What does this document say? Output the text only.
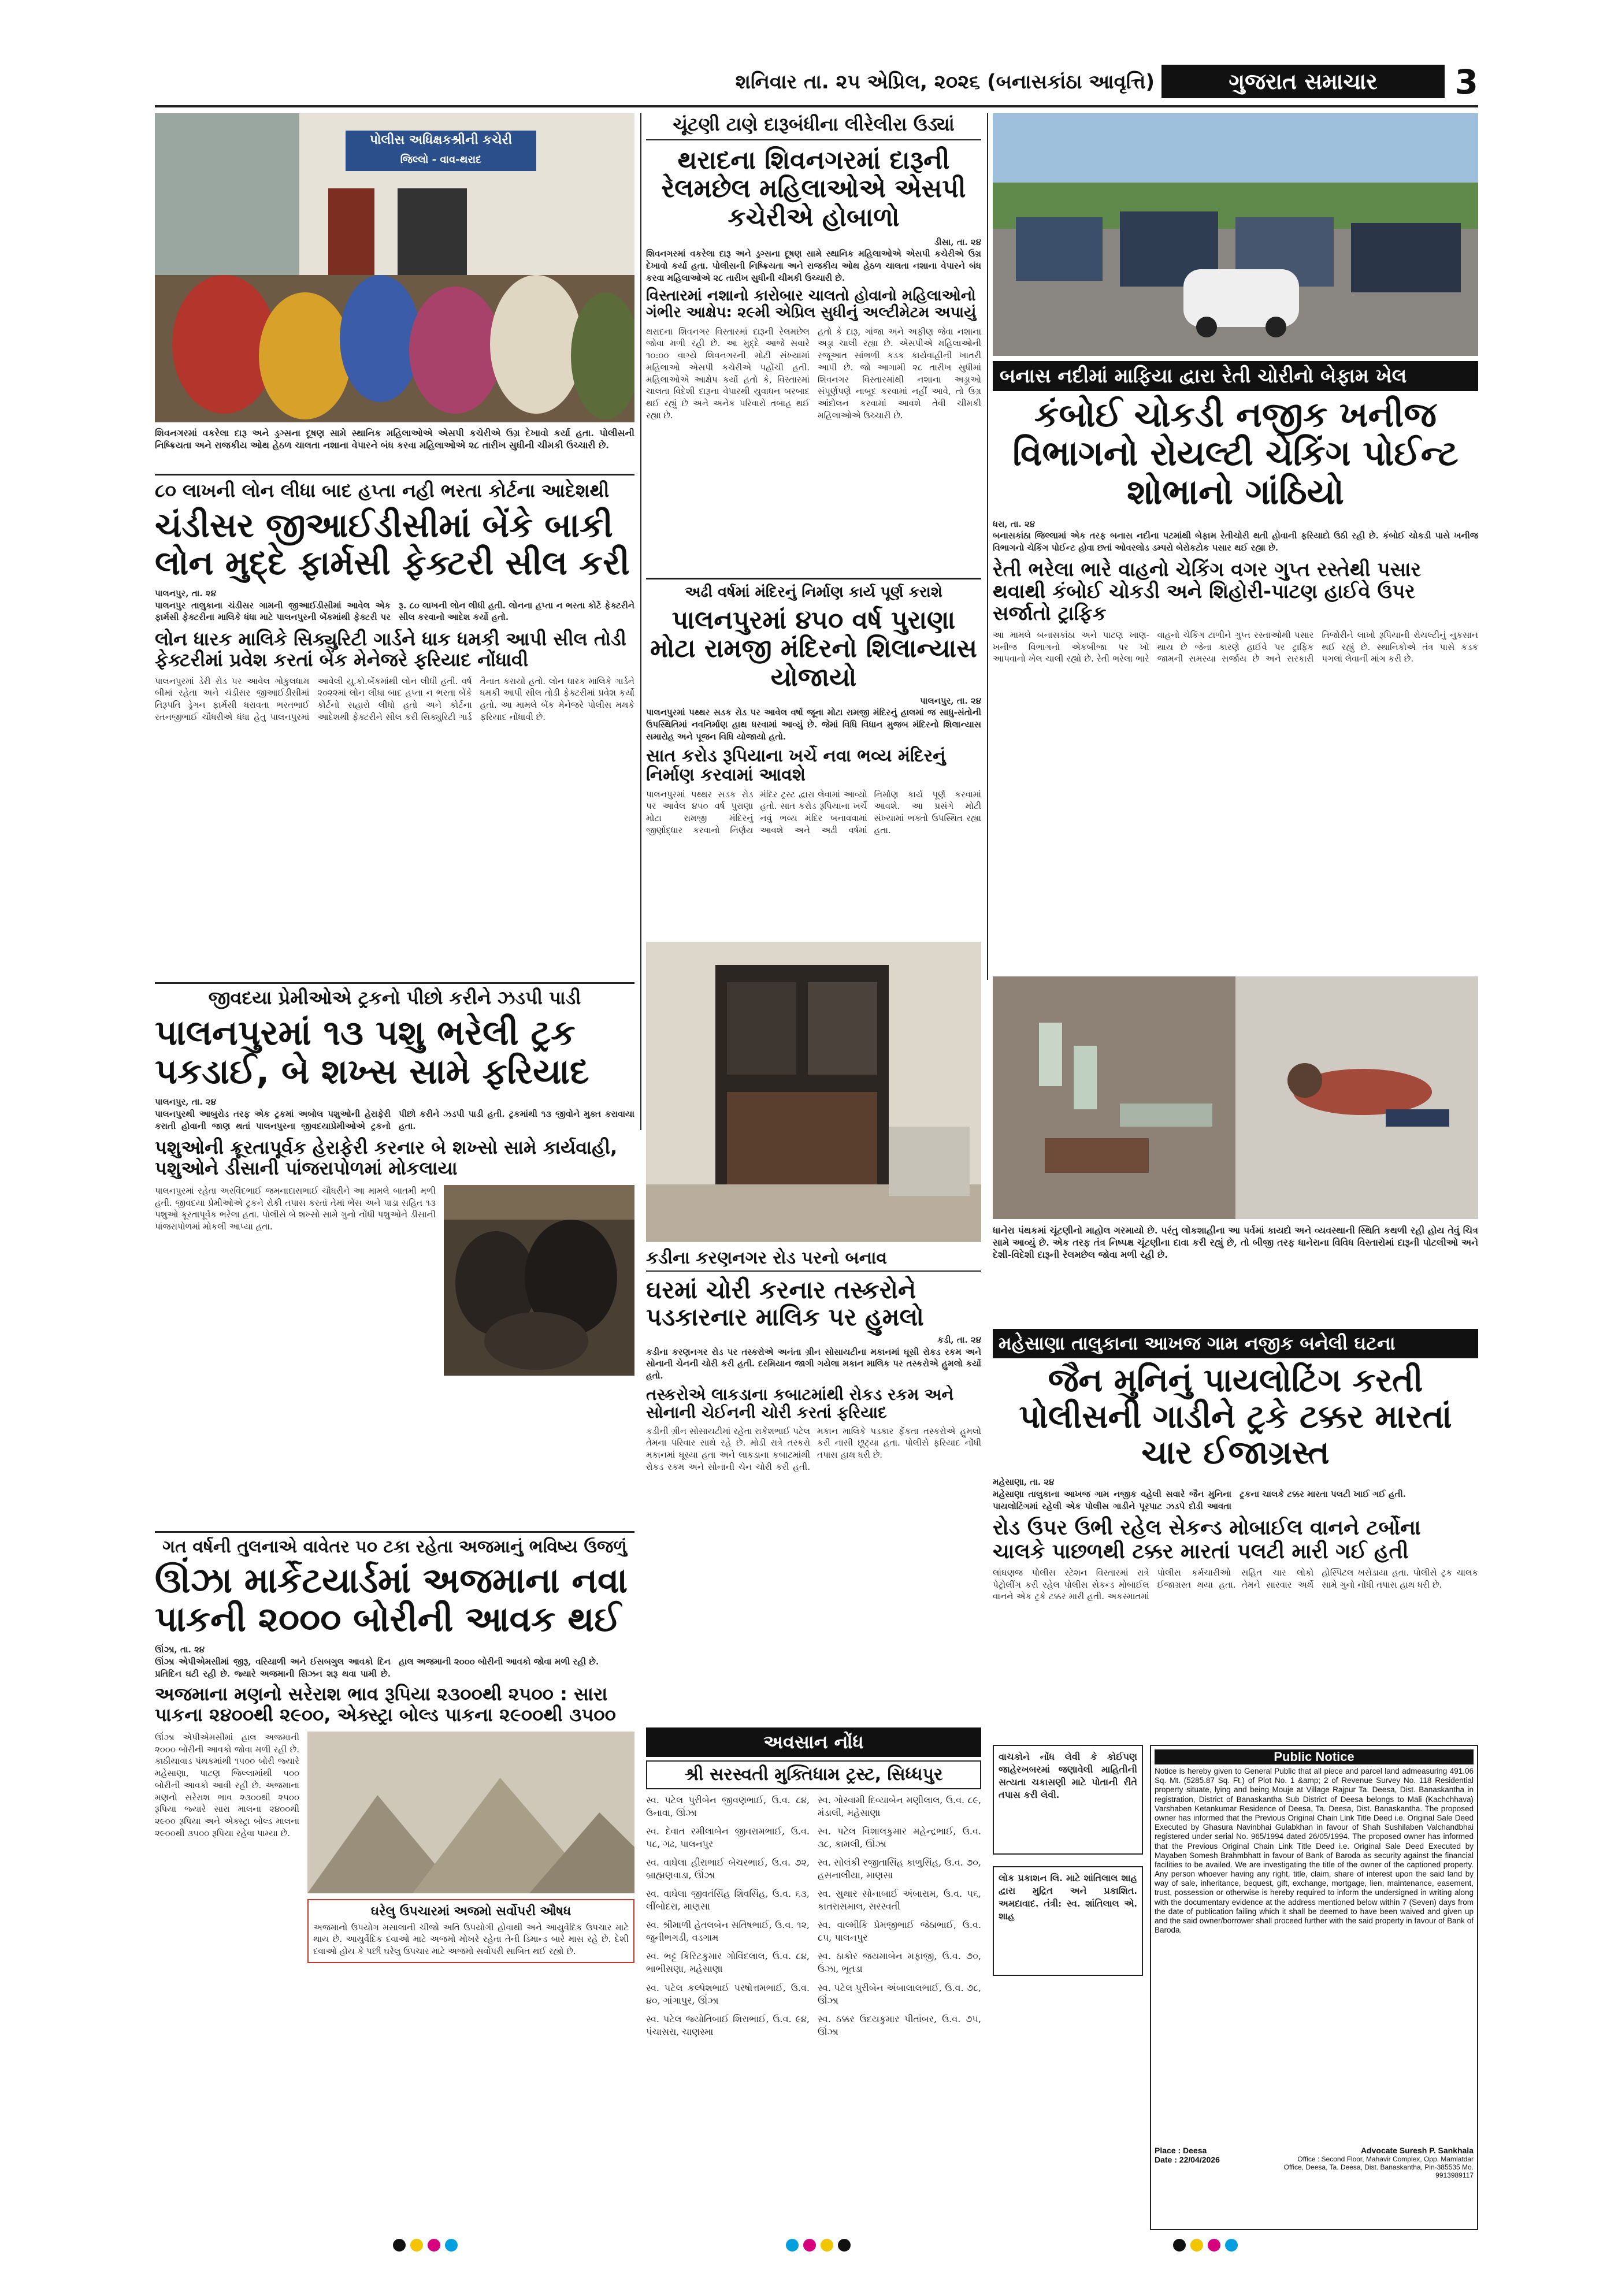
શનિવાર તા. ૨૫ એપ્રિલ, ૨૦૨૬ (બનાસકાંઠા આવૃત્તિ)	ગુજરાત સમાચાર	3
પોલીસ અધિક્ષકશ્રીની કચેરી
જિલ્લો - વાવ-થરાદ
શિવનગરમાં વકરેલા દારૂ અને ડ્રગ્સના દૂષણ સામે સ્થાનિક મહિલાઓએ એસપી કચેરીએ ઉગ્ર દેખાવો કર્યા હતા. પોલીસની નિષ્ક્રિયતા અને રાજકીય ઓથ હેઠળ ચાલતા નશાના વેપારને બંધ કરવા મહિલાઓએ ૨૮ તારીખ સુધીની ચીમકી ઉચ્ચારી છે.
ચૂંટણી ટાણે દારૂબંધીના લીરેલીરા ઉડ્યાં
થરાદના શિવનગરમાં દારૂની રેલમછેલ મહિલાઓએ એસપી કચેરીએ હોબાળો
ડીસા, તા. ૨૪
શિવનગરમાં વકરેલા દારૂ અને ડ્રગ્સના દૂષણ સામે સ્થાનિક મહિલાઓએ એસપી કચેરીએ ઉગ્ર દેખાવો કર્યા હતા. પોલીસની નિષ્ક્રિયતા અને રાજકીય ઓથ હેઠળ ચાલતા નશાના વેપારને બંધ કરવા મહિલાઓએ ૨૮ તારીખ સુધીની ચીમકી ઉચ્ચારી છે.
વિસ્તારમાં નશાનો કારોબાર ચાલતો હોવાનો મહિલાઓનો ગંભીર આક્ષેપ: ૨૯મી એપ્રિલ સુધીનું અલ્ટીમેટમ અપાયું
થરાદના શિવનગર વિસ્તારમાં દારૂની રેલમછેલ જોવા મળી રહી છે. આ મુદ્દે આજે સવારે ૧૦:૦૦ વાગ્યે શિવનગરની મોટી સંખ્યામાં મહિલાઓ એસપી કચેરીએ પહોંચી હતી. મહિલાઓએ આક્ષેપ કર્યો હતો કે, વિસ્તારમાં ચાલતા વિદેશી દારૂના વેપારથી યુવાધન બરબાદ થઈ રહ્યું છે અને અનેક પરિવારો તબાહ થઈ રહ્યા છે.
હતો કે દારૂ, ગાંજા અને અફીણ જેવા નશાના અડ્ડા ચાલી રહ્યા છે. એસપીએ મહિલાઓની રજૂઆત સાંભળી કડક કાર્યવાહીની ખાતરી આપી છે. જો આગામી ૨૮ તારીખ સુધીમાં શિવનગર વિસ્તારમાંથી નશાના અડ્ડાઓ સંપૂર્ણપણે નાબૂદ કરવામાં નહીં આવે, તો ઉગ્ર આંદોલન કરવામાં આવશે તેવી ચીમકી મહિલાઓએ ઉચ્ચારી છે.
બનાસ નદીમાં માફિયા દ્વારા રેતી ચોરીનો બેફામ ખેલ
કંબોઈ ચોકડી નજીક ખનીજ વિભાગનો રોયલ્ટી ચેકિંગ પોઈન્ટ શોભાનો ગાંઠિયો
ધરા, તા. ૨૪
બનાસકાંઠા જિલ્લામાં એક તરફ બનાસ નદીના પટમાંથી બેફામ રેતીચોરી થતી હોવાની ફરિયાદો ઉઠી રહી છે. કંબોઈ ચોકડી પાસે ખનીજ વિભાગનો ચેકિંગ પોઈન્ટ હોવા છતાં ઓવરલોડ ડમ્પરો બેરોકટોક પસાર થઈ રહ્યા છે.
રેતી ભરેલા ભારે વાહનો ચેકિંગ વગર ગુપ્ત રસ્તેથી પસાર થવાથી કંબોઈ ચોકડી અને શિહોરી-પાટણ હાઈવે ઉપર સર્જાતો ટ્રાફિક
આ મામલે બનાસકાંઠા અને પાટણ ખાણ-ખનીજ વિભાગનો એકબીજા પર ખો આપવાનો ખેલ ચાલી રહ્યો છે. રેતી ભરેલા ભારે વાહનો ચેકિંગ ટાળીને ગુપ્ત રસ્તાઓથી પસાર થાય છે જેના કારણે હાઈવે પર ટ્રાફિક જામની સમસ્યા સર્જાય છે અને સરકારી તિજોરીને લાખો રૂપિયાની રોયલ્ટીનું નુકસાન થઈ રહ્યું છે. સ્થાનિકોએ તંત્ર પાસે કડક પગલાં લેવાની માંગ કરી છે.
૮૦ લાખની લોન લીધા બાદ હપ્તા નહી ભરતા કોર્ટના આદેશથી
ચંડીસર જીઆઈડીસીમાં બેંકે બાકી લોન મુદ્દે ફાર્મસી ફેક્ટરી સીલ કરી
પાલનપુર, તા. ૨૪
પાલનપુર તાલુકાના ચંડીસર ગામની જીઆઈડીસીમાં આવેલ એક ફાર્મસી ફેક્ટરીના માલિકે ધંધા માટે પાલનપુરની બેંકમાંથી ફેક્ટરી પર રૂ. ૮૦ લાખની લોન લીધી હતી. લોનના હપ્તા ન ભરતા કોર્ટે ફેક્ટરીને સીલ કરવાનો આદેશ કર્યો હતો.
લોન ધારક માલિકે સિક્યુરિટી ગાર્ડને ધાક ધમકી આપી સીલ તોડી ફેક્ટરીમાં પ્રવેશ કરતાં બેંક મેનેજરે ફરિયાદ નોંધાવી
પાલનપુરમાં ડેરી રોડ પર આવેલ ગોકુલધામ બીમાં રહેતા અને ચંડીસર જીઆઈડીસીમાં તિરૂપતિ ડ્રેગન ફાર્મસી ધરાવતા ભરતભાઈ રતનજીભાઈ ચૌધરીએ ધંધા હેતુ પાલનપુરમાં આવેલી યુ.કો.બેંકમાંથી લોન લીધી હતી. વર્ષ ૨૦૨૨માં લોન લીધા બાદ હપ્તા ન ભરતા બેંકે કોર્ટનો સહારો લીધો હતો અને કોર્ટના આદેશથી ફેક્ટરીને સીલ કરી સિક્યુરિટી ગાર્ડ તૈનાત કરાયો હતો. લોન ધારક માલિકે ગાર્ડને ધમકી આપી સીલ તોડી ફેક્ટરીમાં પ્રવેશ કર્યો હતો. આ મામલે બેંક મેનેજરે પોલીસ મથકે ફરિયાદ નોંધાવી છે.
અઢી વર્ષમાં મંદિરનું નિર્માણ કાર્ય પૂર્ણ કરાશે
પાલનપુરમાં ૪૫૦ વર્ષ પુરાણા મોટા રામજી મંદિરનો શિલાન્યાસ યોજાયો
પાલનપુર, તા. ૨૪
પાલનપુરમાં પથ્થર સડક રોડ પર આવેલ વર્ષો જૂના મોટા રામજી મંદિરનું હાલમાં જ સાધુ-સંતોની ઉપસ્થિતિમાં નવનિર્માણ હાથ ધરવામાં આવ્યું છે. જેમાં વિધિ વિધાન મુજબ મંદિરનો શિલાન્યાસ સમારોહ અને પૂજન વિધિ યોજાયો હતો.
સાત કરોડ રૂપિયાના ખર્ચે નવા ભવ્ય મંદિરનું નિર્માણ કરવામાં આવશે
પાલનપુરમાં પથ્થર સડક રોડ પર આવેલ ૪૫૦ વર્ષ પુરાણા મોટા રામજી મંદિરનું જીર્ણોદ્ધાર કરવાનો નિર્ણય મંદિર ટ્રસ્ટ દ્વારા લેવામાં આવ્યો હતો. સાત કરોડ રૂપિયાના ખર્ચે નવું ભવ્ય મંદિર બનાવવામાં આવશે અને અઢી વર્ષમાં નિર્માણ કાર્ય પૂર્ણ કરવામાં આવશે. આ પ્રસંગે મોટી સંખ્યામાં ભક્તો ઉપસ્થિત રહ્યા હતા.
જીવદયા પ્રેમીઓએ ટ્રકનો પીછો કરીને ઝડપી પાડી
પાલનપુરમાં ૧૩ પશુ ભરેલી ટ્રક પકડાઈ, બે શખ્સ સામે ફરિયાદ
પાલનપુર, તા. ૨૪
પાલનપુરથી આબુરોડ તરફ એક ટ્રકમાં અબોલ પશુઓની હેરાફેરી કરાતી હોવાની જાણ થતાં પાલનપુરના જીવદયાપ્રેમીઓએ ટ્રકનો પીછો કરીને ઝડપી પાડી હતી. ટ્રકમાંથી ૧૩ જીવોને મુક્ત કરાવાયા હતા.
પશુઓની ક્રૂરતાપૂર્વક હેરાફેરી કરનાર બે શખ્સો સામે કાર્યવાહી, પશુઓને ડીસાની પાંજરાપોળમાં મોકલાયા
પાલનપુરમાં રહેતા અરવિંદભાઈ જમનાદાસભાઈ ચૌધરીને આ મામલે બાતમી મળી હતી. જીવદયા પ્રેમીઓએ ટ્રકને રોકી તપાસ કરતાં તેમાં ભેંસ અને પાડા સહિત ૧૩ પશુઓ ક્રૂરતાપૂર્વક ભરેલા હતા. પોલીસે બે શખ્સો સામે ગુનો નોંધી પશુઓને ડીસાની પાંજરાપોળમાં મોકલી આપ્યા હતા.
કડીના કરણનગર રોડ પરનો બનાવ
ઘરમાં ચોરી કરનાર તસ્કરોને પડકારનાર માલિક પર હુમલો
કડી, તા. ૨૪
કડીના કરણનગર રોડ પર તસ્કરોએ અનંતા ગ્રીન સોસાયટીના મકાનમાં ઘૂસી રોકડ રકમ અને સોનાની ચેનની ચોરી કરી હતી. દરમિયાન જાગી ગયેલા મકાન માલિક પર તસ્કરોએ હુમલો કર્યો હતો.
તસ્કરોએ લાકડાના કબાટમાંથી રોકડ રકમ અને સોનાની ચેઈનની ચોરી કરતાં ફરિયાદ
કડીની ગ્રીન સોસાયટીમાં રહેતા રાકેશભાઈ પટેલ તેમના પરિવાર સાથે રહે છે. મોડી રાત્રે તસ્કરો મકાનમાં ઘૂસ્યા હતા અને લાકડાના કબાટમાંથી રોકડ રકમ અને સોનાની ચેન ચોરી કરી હતી. મકાન માલિકે પડકાર ફેંકતા તસ્કરોએ હુમલો કરી નાસી છૂટ્યા હતા. પોલીસે ફરિયાદ નોંધી તપાસ હાથ ધરી છે.
ધાનેરા પંથકમાં ચૂંટણીનો માહોલ ગરમાયો છે. પરંતુ લોકશાહીના આ પર્વમાં કાયદો અને વ્યવસ્થાની સ્થિતિ કથળી રહી હોય તેવું ચિત્ર સામે આવ્યું છે. એક તરફ તંત્ર નિષ્પક્ષ ચૂંટણીના દાવા કરી રહ્યું છે, તો બીજી તરફ ધાનેરાના વિવિધ વિસ્તારોમાં દારૂની પોટલીઓ અને દેશી-વિદેશી દારૂની રેલમછેલ જોવા મળી રહી છે.
મહેસાણા તાલુકાના આખજ ગામ નજીક બનેલી ઘટના
જૈન મુનિનું પાયલોટિંગ કરતી પોલીસની ગાડીને ટ્રકે ટક્કર મારતાં ચાર ઈજાગ્રસ્ત
મહેસાણા, તા. ૨૪
મહેસાણા તાલુકાના આખજ ગામ નજીક વહેલી સવારે જૈન મુનિના પાયલોટિંગમાં રહેલી એક પોલીસ ગાડીને પૂરપાટ ઝડપે દોડી આવતા ટ્રકના ચાલકે ટક્કર મારતા પલટી ખાઈ ગઈ હતી.
રોડ ઉપર ઉભી રહેલ સેકન્ડ મોબાઈલ વાનને ટર્બોના ચાલકે પાછળથી ટક્કર મારતાં પલટી મારી ગઈ હતી
લાંઘણજ પોલીસ સ્ટેશન વિસ્તારમાં રાત્રે પેટ્રોલીંગ કરી રહેલ પોલીસ સેકન્ડ મોબાઈલ વાનને એક ટ્રકે ટક્કર મારી હતી. અકસ્માતમાં પોલીસ કર્મચારીઓ સહિત ચાર લોકો ઈજાગ્રસ્ત થયા હતા. તેમને સારવાર અર્થે હોસ્પિટલ ખસેડાયા હતા. પોલીસે ટ્રક ચાલક સામે ગુનો નોંધી તપાસ હાથ ધરી છે.
ગત વર્ષની તુલનાએ વાવેતર ૫૦ ટકા રહેતા અજમાનું ભવિષ્ય ઉજળું
ઊંઝા માર્કેટયાર્ડમાં અજમાના નવા પાકની ૨૦૦૦ બોરીની આવક થઈ
ઊંઝા, તા. ૨૪
ઊંઝા એપીએમસીમાં જીરૂ, વરિયાળી અને ઈસબગુલ આવકો દિન પ્રતિદિન ઘટી રહી છે. જ્યારે અજમાની સિઝન શરૂ થવા પામી છે. હાલ અજમાની ૨૦૦૦ બોરીની આવકો જોવા મળી રહી છે.
અજમાના મણનો સરેરાશ ભાવ રૂપિયા ૨૩૦૦થી ૨૫૦૦ : સારા પાકના ૨૪૦૦થી ૨૯૦૦, એક્સ્ટ્રા બોલ્ડ પાકના ૨૯૦૦થી ૩૫૦૦
ઊંઝા એપીએમસીમાં હાલ અજમાની ૨૦૦૦ બોરીની આવકો જોવા મળી રહી છે. કાઠીયાવાડ પંથકમાંથી ૧૫૦૦ બોરી જ્યારે મહેસાણા, પાટણ જિલ્લામાંથી ૫૦૦ બોરીની આવકો આવી રહી છે. અજમાના મણનો સરેરાશ ભાવ ૨૩૦૦થી ૨૫૦૦ રૂપિયા જ્યારે સારા માલના ૨૪૦૦થી ૨૯૦૦ રૂપિયા અને એક્સ્ટ્રા બોલ્ડ માલના ૨૯૦૦થી ૩૫૦૦ રૂપિયા રહેવા પામ્યા છે.
ઘરેલુ ઉપચારમાં અજમો સર્વોપરી ઔષધ
અજમાનો ઉપયોગ મસાલાની ચીજો અતિ ઉપયોગી હોવાથી અને આયુર્વેદિક ઉપચાર માટે થાય છે. આયુર્વેદિક દવાઓ માટે અજમો મોખરે રહેતા તેની ડિમાન્ડ બારે માસ રહે છે. દેશી દવાઓ હોય કે પછી ઘરેલુ ઉપચાર માટે અજમો સર્વોપરી સાબિત થઈ રહ્યો છે.
અવસાન નોંધ
શ્રી સરસ્વતી મુક્તિધામ ટ્રસ્ટ, સિધ્ધપુર
સ્વ. પટેલ પુરીબેન જીવણભાઈ, ઉ.વ. ૮૪, ઉનાવા, ઊંઝા
સ્વ. દેવાત રમીલાબેન જીવરામભાઈ, ઉ.વ. ૫૮, ગઢ, પાલનપુર
સ્વ. વાઘેલા હીરાભાઈ બેચરભાઈ, ઉ.વ. ૭૨, બ્રાહ્મણવાડા, ઊંઝા
સ્વ. વાઘેલા જીવતંસિંહ શિવસિંહ, ઉ.વ. ૬૩, લીંબોદરા, માણસા
સ્વ. શ્રીમાળી હેતલબેન સતિષભાઈ, ઉ.વ. ૧૨, જુનીભગડી, વડગામ
સ્વ. ભટ્ટ કિરિટકુમાર ગોવિંદલાલ, ઉ.વ. ૮૪, ભાભીસણા, મહેસાણા
સ્વ. પટેલ કલ્પેશભાઈ પરષોત્તમભાઈ, ઉ.વ. ૪૦, ગાંગાપુર, ઊંઝા
સ્વ. પટેલ જ્યોતિબાઈ શિરાભાઈ, ઉ.વ. ૯૪, પંચાસરા, ચાણસ્મા
સ્વ. ગોસ્વામી દિવ્યાબેન મણીલાલ, ઉ.વ. ૮૯, મંડાલી, મહેસાણા
સ્વ. પટેલ વિશાલકુમાર મહેન્દ્રભાઈ, ઉ.વ. ૩૮, કામલી, ઊંઝા
સ્વ. સોલંકી રજીતાસિંહ કાળુસિંહ, ઉ.વ. ૭૦, હસનાલીયા, માણસા
સ્વ. સુથાર સોનાબાઈ અંબારામ, ઉ.વ. ૫૬, કાતરાસમાલ, સરસ્વતી
સ્વ. વાલ્મીકિ પ્રેમજીભાઈ જેઠાભાઈ, ઉ.વ. ૮૫, પાલનપુર
સ્વ. ઠાકોર જયમાબેન મફાજી, ઉ.વ. ૭૦, ઉંઝા, ભૂતડા
સ્વ. પટેલ પુરીબેન અંબાલાલભાઈ, ઉ.વ. ૭૮, ઊંઝા
સ્વ. ઠક્કર ઉદયકુમાર પીતાંબર, ઉ.વ. ૭૫, ઊંઝા
વાચકોને નોંધ લેવી કે કોઈપણ જાહેરખબરમાં જણાવેલી માહિતીની સત્યતા ચકાસણી માટે પોતાની રીતે તપાસ કરી લેવી.
લોક પ્રકાશન લિ. માટે શાંતિલાલ શાહ દ્વારા મુદ્રિત અને પ્રકાશિત. અમદાવાદ. તંત્રી: સ્વ. શાંતિલાલ એ. શાહ
Public Notice
Notice is hereby given to General Public that all piece and parcel land admeasuring 491.06 Sq. Mt. (5285.87 Sq. Ft.) of Plot No. 1 &amp; 2 of Revenue Survey No. 118 Residential property situate, lying and being Mouje at Village Rajpur Ta. Deesa, Dist. Banaskantha in registration, District of Banaskantha Sub District of Deesa belongs to Mali (Kachchhava) Varshaben Ketankumar Residence of Deesa, Ta. Deesa, Dist. Banaskantha. The proposed owner has informed that the Previous Original Chain Link Title Deed i.e. Original Sale Deed Executed by Ghasura Navinbhai Gulabkhan in favour of Shah Sushilaben Valchandbhai registered under serial No. 965/1994 dated 26/05/1994. The proposed owner has informed that the Previous Original Chain Link Title Deed i.e. Original Sale Deed Executed by Mayaben Somesh Brahmbhatt in favour of Bank of Baroda as security against the financial facilities to be availed. We are investigating the title of the owner of the captioned property. Any person whoever having any right, title, claim, share of interest upon the said land by way of sale, inheritance, bequest, gift, exchange, mortgage, lien, maintenance, easement, trust, possession or otherwise is hereby required to inform the undersigned in writing along with the documentary evidence at the address mentioned below within 7 (Seven) days from the date of publication failing which it shall be deemed to have been waived and given up and the said owner/borrower shall proceed further with the said property in favour of Bank of Baroda.
Place : Deesa
Date : 22/04/2026
Advocate Suresh P. Sankhala
Office : Second Floor, Mahavir Complex, Opp. Mamlatdar Office, Deesa, Ta. Deesa, Dist. Banaskantha, Pin-385535 Mo. 9913989117
